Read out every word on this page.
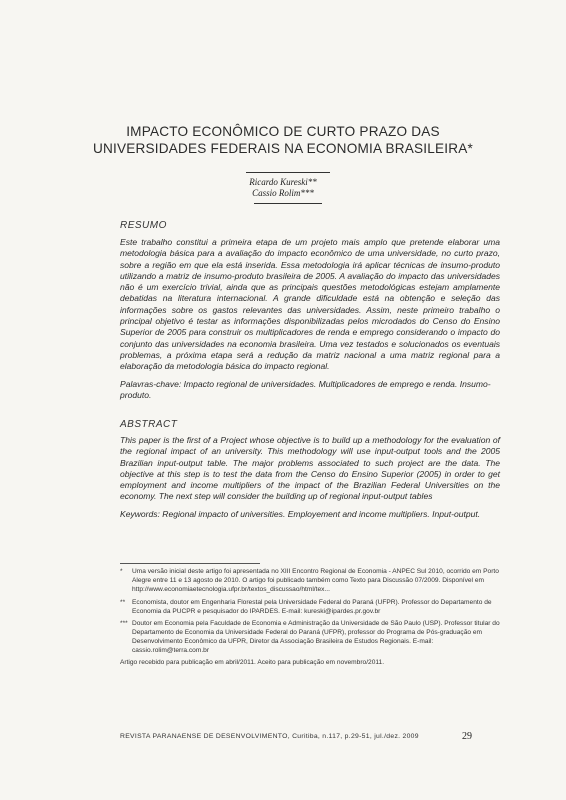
IMPACTO ECONÔMICO DE CURTO PRAZO DAS
UNIVERSIDADES FEDERAIS NA ECONOMIA BRASILEIRA*
Ricardo Kureski**
Cassio Rolim***
RESUMO
Este trabalho constitui a primeira etapa de um projeto mais amplo que pretende elaborar uma metodologia básica para a avaliação do impacto econômico de uma universidade, no curto prazo, sobre a região em que ela está inserida. Essa metodologia irá aplicar técnicas de insumo-produto utilizando a matriz de insumo-produto brasileira de 2005. A avaliação do impacto das universidades não é um exercício trivial, ainda que as principais questões metodológicas estejam amplamente debatidas na literatura internacional. A grande dificuldade está na obtenção e seleção das informações sobre os gastos relevantes das universidades. Assim, neste primeiro trabalho o principal objetivo é testar as informações disponibilizadas pelos microdados do Censo do Ensino Superior de 2005 para construir os multiplicadores de renda e emprego considerando o impacto do conjunto das universidades na economia brasileira. Uma vez testados e solucionados os eventuais problemas, a próxima etapa será a redução da matriz nacional a uma matriz regional para a elaboração da metodologia básica do impacto regional.
Palavras-chave: Impacto regional de universidades. Multiplicadores de emprego e renda. Insumo-produto.
ABSTRACT
This paper is the first of a Project whose objective is to build up a methodology for the evaluation of the regional impact of an university. This methodology will use input-output tools and the 2005 Brazilian input-output table. The major problems associated to such project are the data. The objective at this step is to test the data from the Censo do Ensino Superior (2005) in order to get employment and income multipliers of the impact of the Brazilian Federal Universities on the economy. The next step will consider the building up of regional input-output tables
Keywords: Regional impacto of universities. Employement and income multipliers. Input-output.
*	Uma versão inicial deste artigo foi apresentada no XIII Encontro Regional de Economia - ANPEC Sul 2010, ocorrido em Porto Alegre entre 11 e 13 agosto de 2010. O artigo foi publicado também como Texto para Discussão 07/2009. Disponível em http://www.economiaetecnologia.ufpr.br/textos_discussao/html/tex...
**	Economista, doutor em Engenharia Florestal pela Universidade Federal do Paraná (UFPR). Professor do Departamento de Economia da PUCPR e pesquisador do IPARDES. E-mail: kureski@ipardes.pr.gov.br
*** Doutor em Economia pela Faculdade de Economia e Administração da Universidade de São Paulo (USP). Professor titular do Departamento de Economia da Universidade Federal do Paraná (UFPR), professor do Programa de Pós-graduação em Desenvolvimento Econômico da UFPR, Diretor da Associação Brasileira de Estudos Regionais. E-mail: cassio.rolim@terra.com.br
Artigo recebido para publicação em abril/2011. Aceito para publicação em novembro/2011.
REVISTA PARANAENSE DE DESENVOLVIMENTO, Curitiba, n.117, p.29-51, jul./dez. 2009	29
